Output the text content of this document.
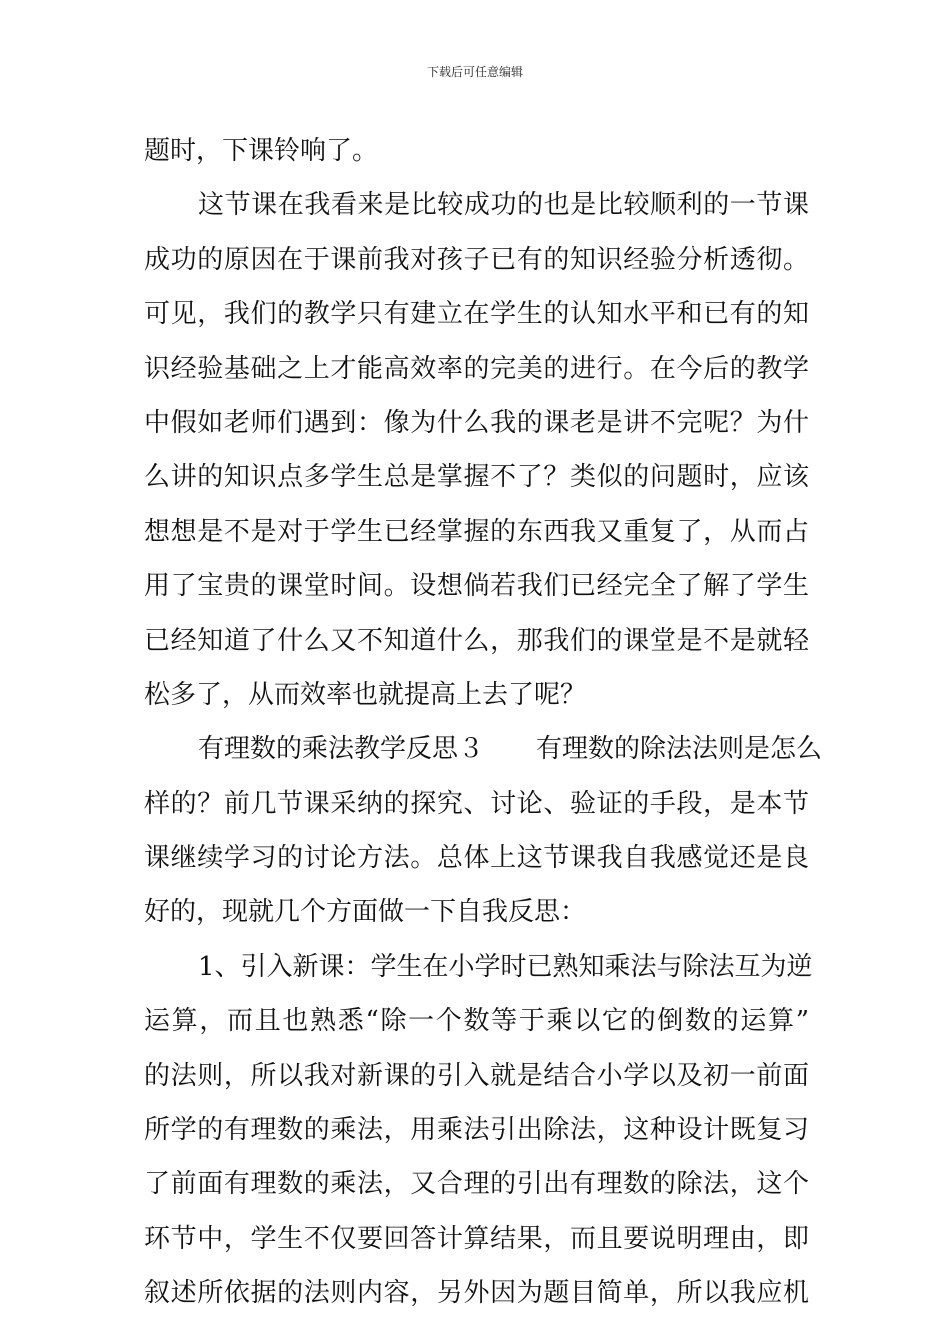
下载后可任意编辑
题时，下课铃响了。
这节课在我看来是比较成功的也是比较顺利的一节课
成功的原因在于课前我对孩子已有的知识经验分析透彻。
可见，我们的教学只有建立在学生的认知水平和已有的知
识经验基础之上才能高效率的完美的进行。在今后的教学
中假如老师们遇到：像为什么我的课老是讲不完呢？为什
么讲的知识点多学生总是掌握不了？类似的问题时，应该
想想是不是对于学生已经掌握的东西我又重复了，从而占
用了宝贵的课堂时间。设想倘若我们已经完全了解了学生
已经知道了什么又不知道什么，那我们的课堂是不是就轻
松多了，从而效率也就提高上去了呢？
有理数的乘法教学反思３　　有理数的除法法则是怎么
样的？前几节课采纳的探究、讨论、验证的手段，是本节
课继续学习的讨论方法。总体上这节课我自我感觉还是良
好的，现就几个方面做一下自我反思：
1、引入新课：学生在小学时已熟知乘法与除法互为逆
运算，而且也熟悉“除一个数等于乘以它的倒数的运算”
的法则，所以我对新课的引入就是结合小学以及初一前面
所学的有理数的乘法，用乘法引出除法，这种设计既复习
了前面有理数的乘法，又合理的引出有理数的除法，这个
环节中，学生不仅要回答计算结果，而且要说明理由，即
叙述所依据的法则内容，另外因为题目简单，所以我应机
